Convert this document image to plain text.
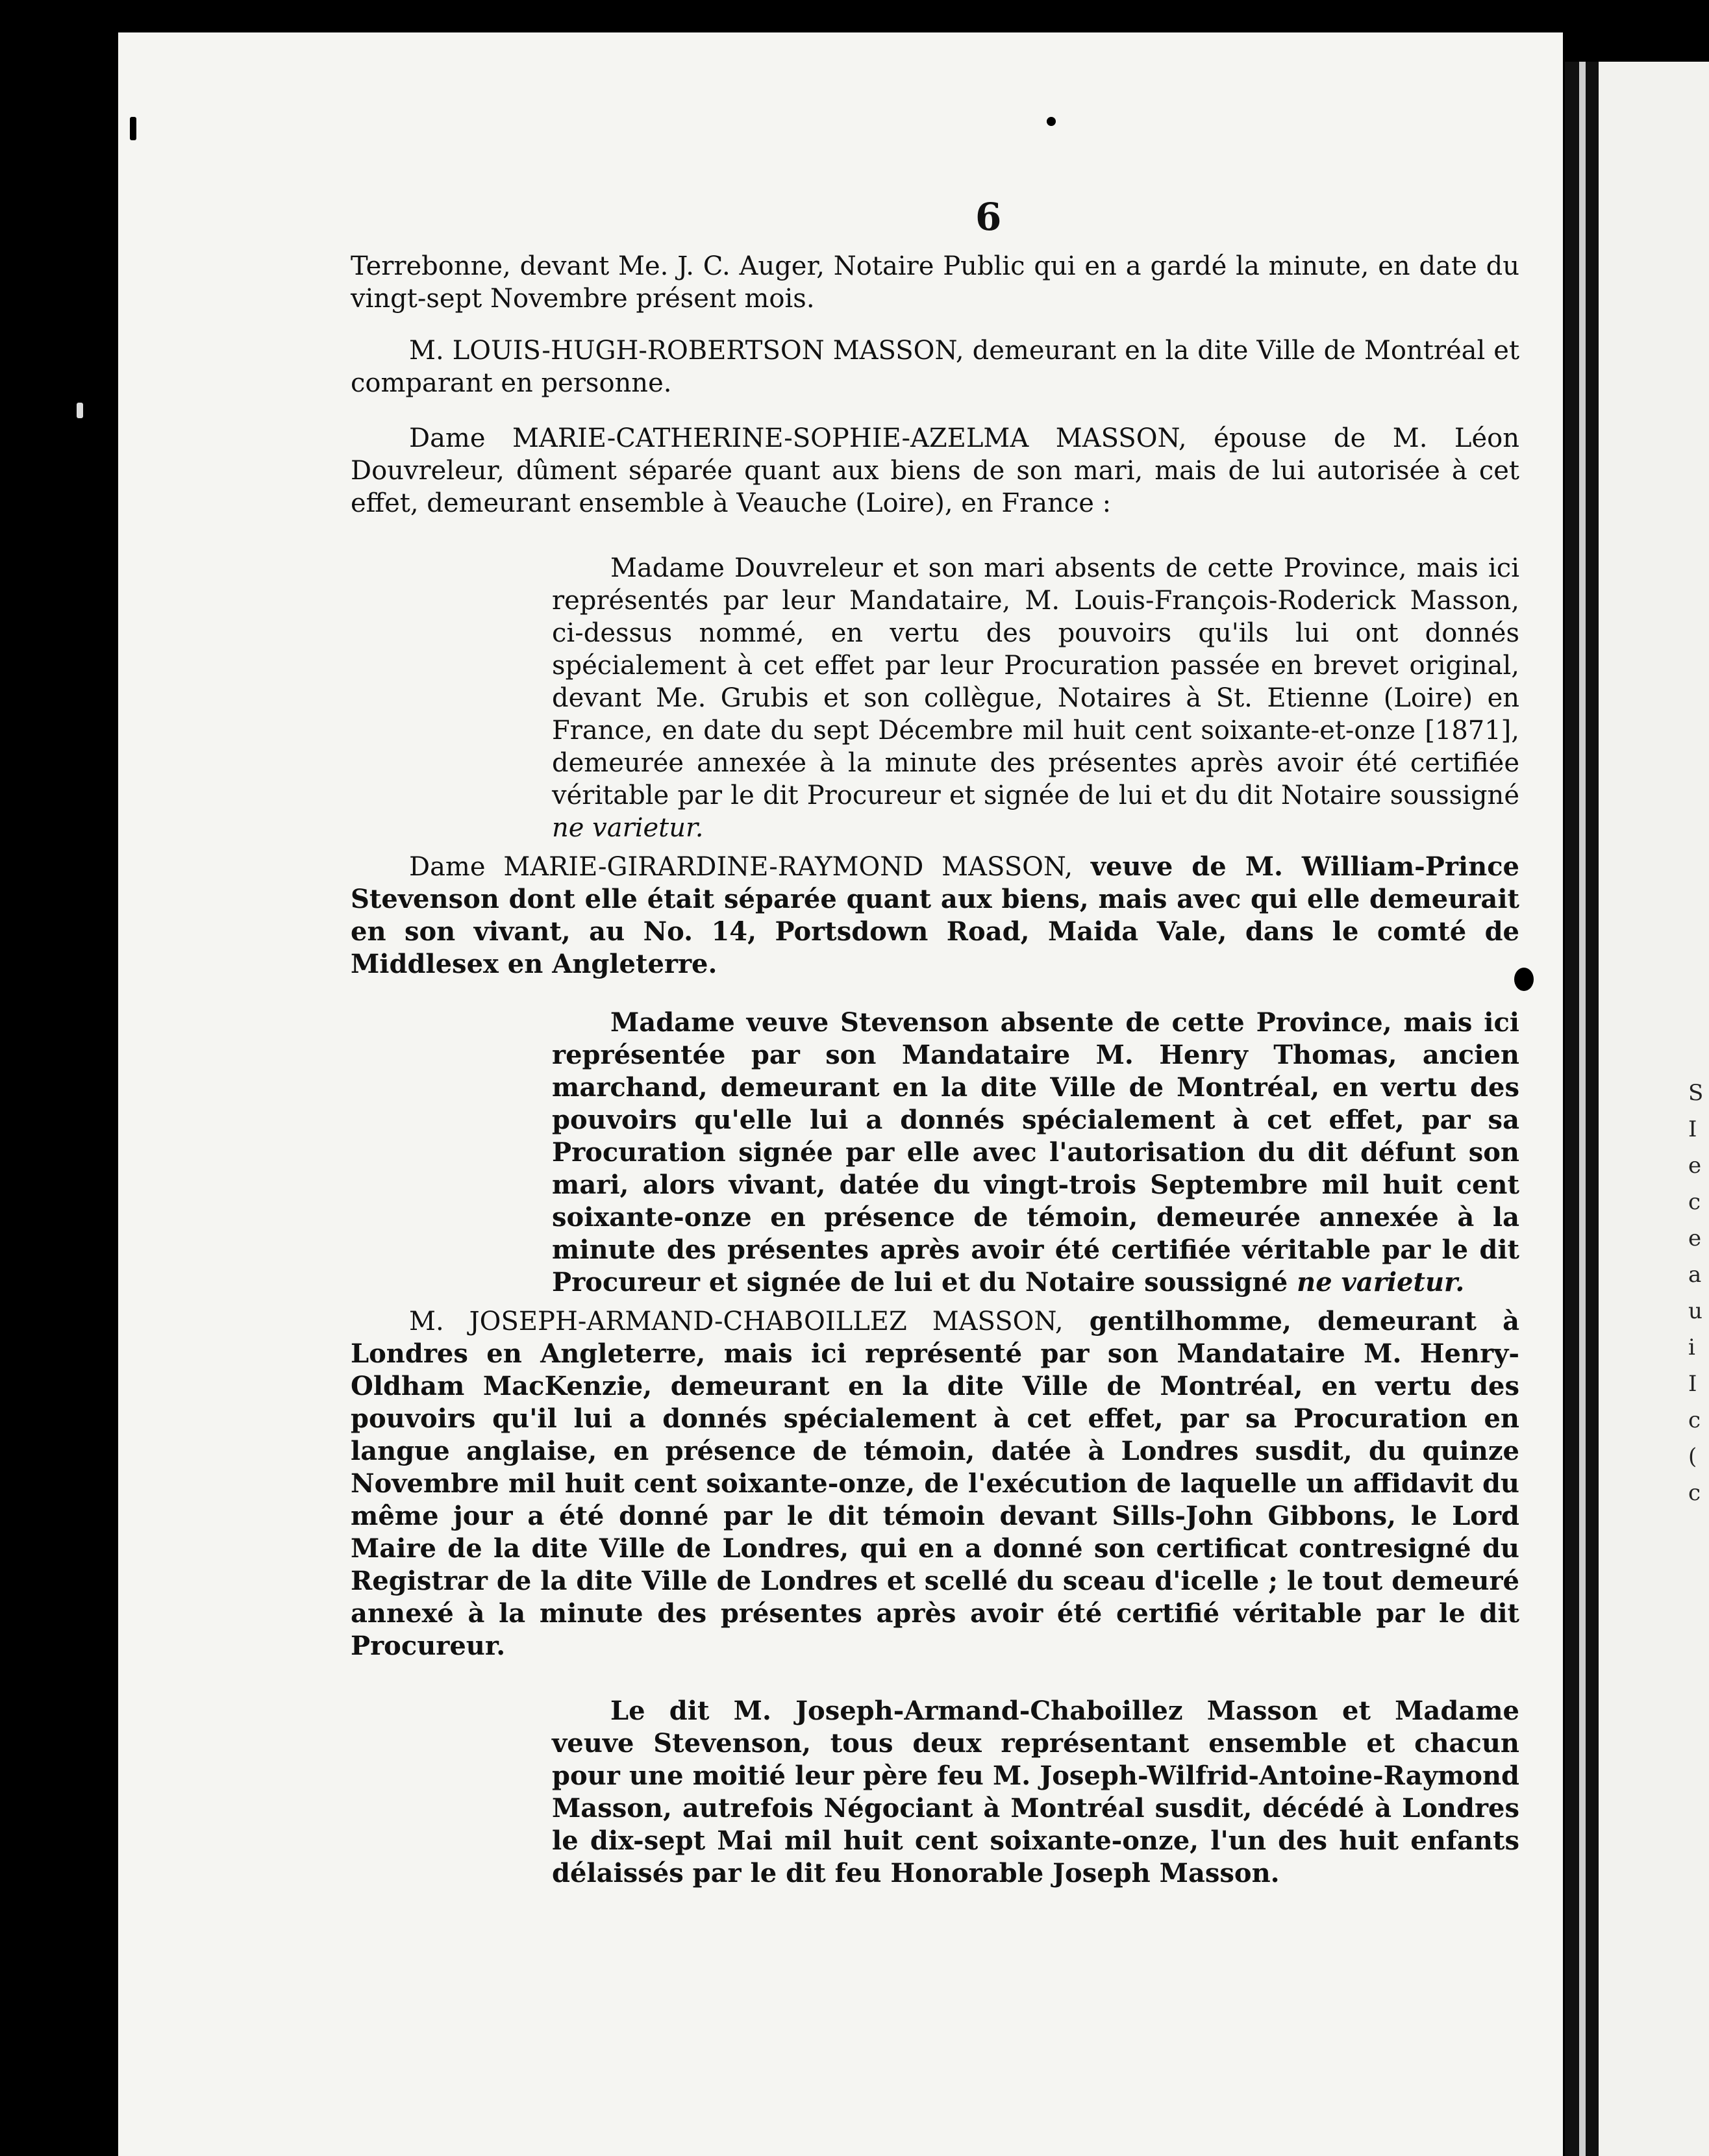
6

Terrebonne, devant Me. J. C. Auger, Notaire Public qui en a gardé la minute, en date du vingt-sept Novembre présent mois.

M. LOUIS-HUGH-ROBERTSON MASSON, demeurant en la dite Ville de Montréal et comparant en personne.

Dame MARIE-CATHERINE-SOPHIE-AZELMA MASSON, épouse de M. Léon Douvreleur, dûment séparée quant aux biens de son mari, mais de lui autorisée à cet effet, demeurant ensemble à Veauche (Loire), en France :

Madame Douvreleur et son mari absents de cette Province, mais ici représentés par leur Mandataire, M. Louis-François-Roderick Masson, ci-dessus nommé, en vertu des pouvoirs qu'ils lui ont donnés spécialement à cet effet par leur Procuration passée en brevet original, devant Me. Grubis et son collègue, Notaires à St. Etienne (Loire) en France, en date du sept Décembre mil huit cent soixante-et-onze [1871], demeurée annexée à la minute des présentes après avoir été certifiée véritable par le dit Procureur et signée de lui et du dit Notaire soussigné ne varietur.

Dame MARIE-GIRARDINE-RAYMOND MASSON, veuve de M. William-Prince Stevenson dont elle était séparée quant aux biens, mais avec qui elle demeurait en son vivant, au No. 14, Portsdown Road, Maida Vale, dans le comté de Middlesex en Angleterre.

Madame veuve Stevenson absente de cette Province, mais ici représentée par son Mandataire M. Henry Thomas, ancien marchand, demeurant en la dite Ville de Montréal, en vertu des pouvoirs qu'elle lui a donnés spécialement à cet effet, par sa Procuration signée par elle avec l'autorisation du dit défunt son mari, alors vivant, datée du vingt-trois Septembre mil huit cent soixante-onze en présence de témoin, demeurée annexée à la minute des présentes après avoir été certifiée véritable par le dit Procureur et signée de lui et du Notaire soussigné ne varietur.

M. JOSEPH-ARMAND-CHABOILLEZ MASSON, gentilhomme, demeurant à Londres en Angleterre, mais ici représenté par son Mandataire M. Henry-Oldham MacKenzie, demeurant en la dite Ville de Montréal, en vertu des pouvoirs qu'il lui a donnés spécialement à cet effet, par sa Procuration en langue anglaise, en présence de témoin, datée à Londres susdit, du quinze Novembre mil huit cent soixante-onze, de l'exécution de laquelle un affidavit du même jour a été donné par le dit témoin devant Sills-John Gibbons, le Lord Maire de la dite Ville de Londres, qui en a donné son certificat contresigné du Registrar de la dite Ville de Londres et scellé du sceau d'icelle ; le tout demeuré annexé à la minute des présentes après avoir été certifié véritable par le dit Procureur.

Le dit M. Joseph-Armand-Chaboillez Masson et Madame veuve Stevenson, tous deux représentant ensemble et chacun pour une moitié leur père feu M. Joseph-Wilfrid-Antoine-Raymond Masson, autrefois Négociant à Montréal susdit, décédé à Londres le dix-sept Mai mil huit cent soixante-onze, l'un des huit enfants délaissés par le dit feu Honorable Joseph Masson.

S
I
e
c
e
a
u
i
I
c
(
c
